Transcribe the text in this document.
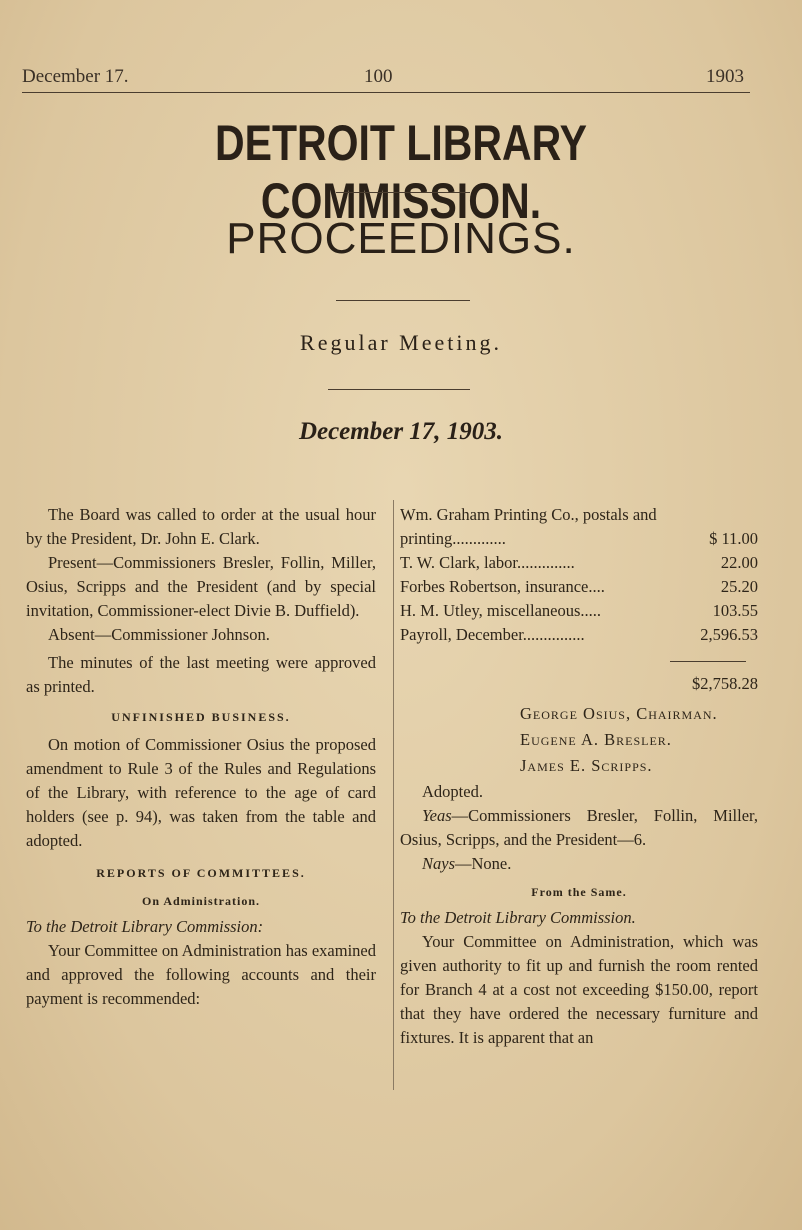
December 17.	100	1903
DETROIT LIBRARY COMMISSION.
PROCEEDINGS.
Regular Meeting.
December 17, 1903.

The Board was called to order at the usual hour by the President, Dr. John E. Clark.

Present—Commissioners Bresler, Follin, Miller, Osius, Scripps and the President (and by special invitation, Commissioner-elect Divie B. Duffield).

Absent—Commissioner Johnson.

The minutes of the last meeting were approved as printed.

UNFINISHED BUSINESS.

On motion of Commissioner Osius the proposed amendment to Rule 3 of the Rules and Regulations of the Library, with reference to the age of card holders (see p. 94), was taken from the table and adopted.

REPORTS OF COMMITTEES.

On Administration.

To the Detroit Library Commission:

Your Committee on Administration has examined and approved the following accounts and their payment is recommended:

Wm. Graham Printing Co., postals and printing.............	$ 11.00
T. W. Clark, labor..............	22.00
Forbes Robertson, insurance....	25.20
H. M. Utley, miscellaneous.....	103.55
Payroll, December...............	2,596.53

$2,758.28

George Osius, Chairman.

Eugene A. Bresler.

James E. Scripps.

Adopted.

Yeas—Commissioners Bresler, Follin, Miller, Osius, Scripps, and the President—6.

Nays—None.

From the Same.

To the Detroit Library Commission.

Your Committee on Administration, which was given authority to fit up and furnish the room rented for Branch 4 at a cost not exceeding $150.00, report that they have ordered the necessary furniture and fixtures. It is apparent that an
